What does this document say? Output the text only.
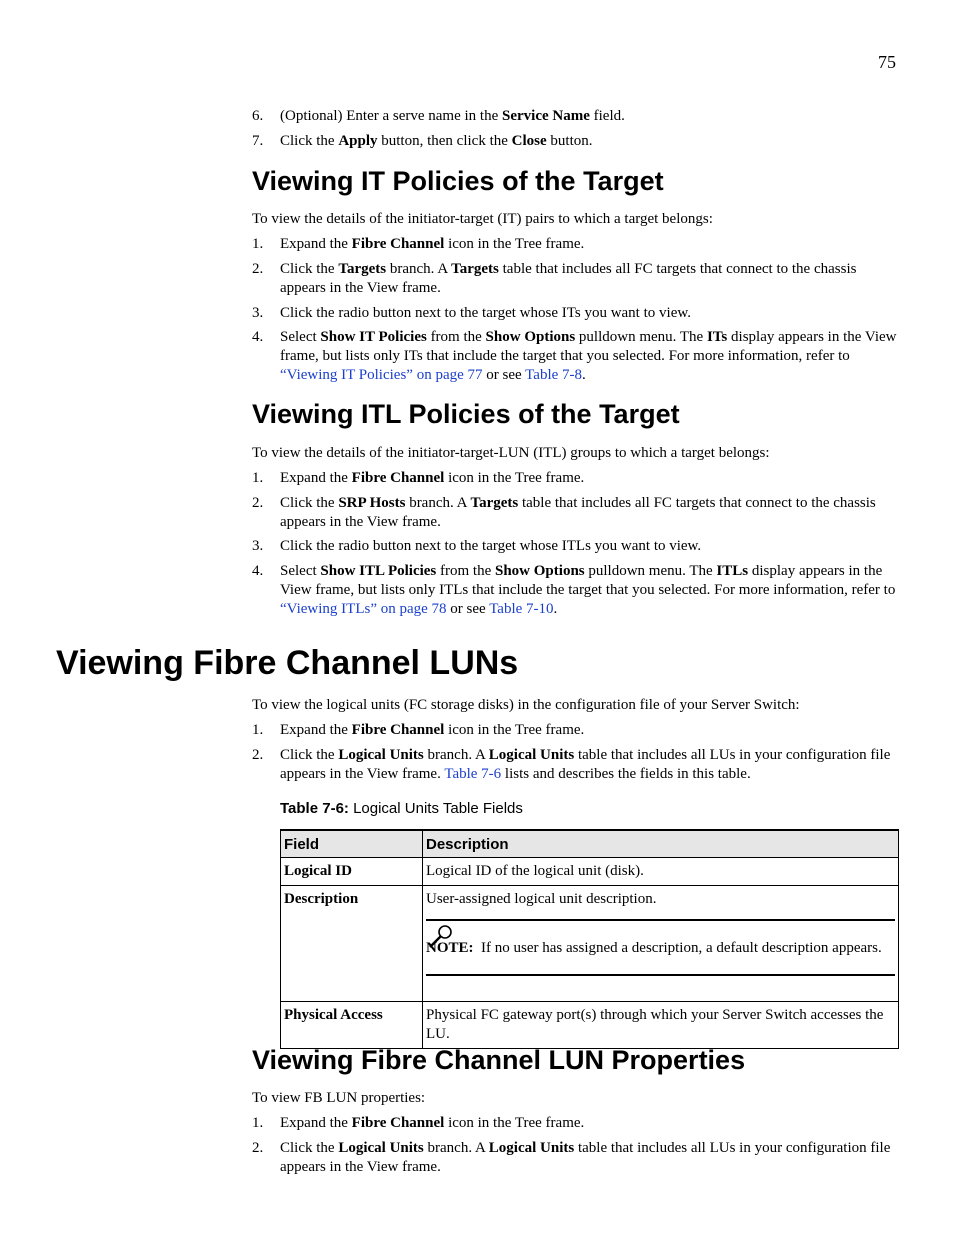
75
6.	(Optional) Enter a serve name in the Service Name field.
7.	Click the Apply button, then click the Close button.
Viewing IT Policies of the Target

To view the details of the initiator-target (IT) pairs to which a target belongs:

1.	Expand the Fibre Channel icon in the Tree frame.
2.	Click the Targets branch. A Targets table that includes all FC targets that connect to the chassis appears in the View frame.
3.	Click the radio button next to the target whose ITs you want to view.
4.	Select Show IT Policies from the Show Options pulldown menu. The ITs display appears in the View frame, but lists only ITs that include the target that you selected. For more information, refer to “Viewing IT Policies” on page 77 or see Table 7-8.
Viewing ITL Policies of the Target

To view the details of the initiator-target-LUN (ITL) groups to which a target belongs:

1.	Expand the Fibre Channel icon in the Tree frame.
2.	Click the SRP Hosts branch. A Targets table that includes all FC targets that connect to the chassis appears in the View frame.
3.	Click the radio button next to the target whose ITLs you want to view.
4.	Select Show ITL Policies from the Show Options pulldown menu. The ITLs display appears in the View frame, but lists only ITLs that include the target that you selected. For more information, refer to “Viewing ITLs” on page 78 or see Table 7-10.
Viewing Fibre Channel LUNs

To view the logical units (FC storage disks) in the configuration file of your Server Switch:

1.	Expand the Fibre Channel icon in the Tree frame.
2.	Click the Logical Units branch. A Logical Units table that includes all LUs in your configuration file appears in the View frame. Table 7-6 lists and describes the fields in this table.
Table 7-6: Logical Units Table Fields
Field	Description
Logical ID	Logical ID of the logical unit (disk).
Description	User-assigned logical unit description.
NOTE:  If no user has assigned a description, a default description appears.

Physical Access	Physical FC gateway port(s) through which your Server Switch accesses the LU.
Viewing Fibre Channel LUN Properties

To view FB LUN properties:

1.	Expand the Fibre Channel icon in the Tree frame.
2.	Click the Logical Units branch. A Logical Units table that includes all LUs in your configuration file appears in the View frame.
